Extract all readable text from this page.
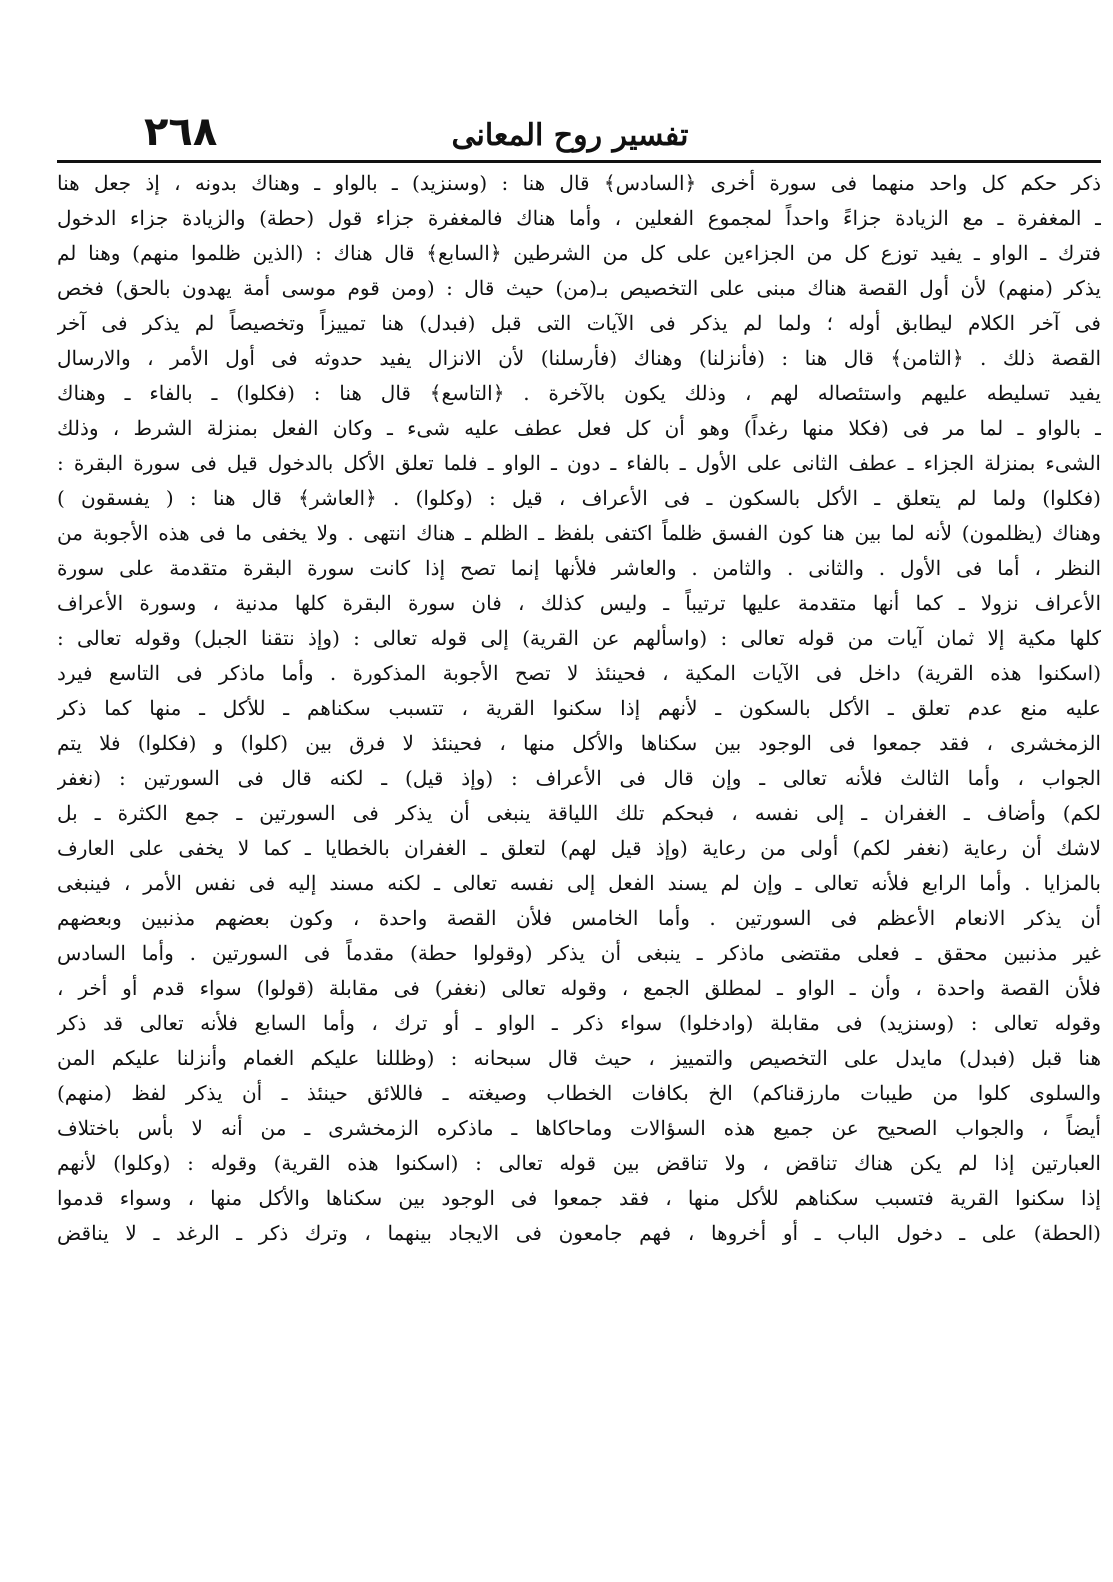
٢٦٨	تفسير روح المعانى
ذكر حكم كل واحد منهما فى سورة أخرى ﴿السادس﴾ قال هنا : (وسنزيد) ـ بالواو ـ وهناك بدونه ، إذ جعل هنا
ـ المغفرة ـ مع الزيادة جزاءً واحداً لمجموع الفعلين ، وأما هناك فالمغفرة جزاء قول (حطة) والزيادة جزاء الدخول
فترك ـ الواو ـ يفيد توزع كل من الجزاءين على كل من الشرطين ﴿السابع﴾ قال هناك : (الذين ظلموا منهم) وهنا لم
يذكر (منهم) لأن أول القصة هناك مبنى على التخصيص بـ(من) حيث قال : (ومن قوم موسى أمة يهدون بالحق) فخص
فى آخر الكلام ليطابق أوله ؛ ولما لم يذكر فى الآيات التى قبل (فبدل) هنا تمييزاً وتخصيصاً لم يذكر فى آخر
القصة ذلك . ﴿الثامن﴾ قال هنا : (فأنزلنا) وهناك (فأرسلنا) لأن الانزال يفيد حدوثه فى أول الأمر ، والارسال
يفيد تسليطه عليهم واستئصاله لهم ، وذلك يكون بالآخرة . ﴿التاسع﴾ قال هنا : (فكلوا) ـ بالفاء ـ وهناك
ـ بالواو ـ لما مر فى (فكلا منها رغداً) وهو أن كل فعل عطف عليه شىء ـ وكان الفعل بمنزلة الشرط ، وذلك
الشىء بمنزلة الجزاء ـ عطف الثانى على الأول ـ بالفاء ـ دون ـ الواو ـ فلما تعلق الأكل بالدخول قيل فى سورة البقرة :
(فكلوا) ولما لم يتعلق ـ الأكل بالسكون ـ فى الأعراف ، قيل : (وكلوا) . ﴿العاشر﴾ قال هنا : ( يفسقون )
وهناك (يظلمون) لأنه لما بين هنا كون الفسق ظلماً اكتفى بلفظ ـ الظلم ـ هناك انتهى . ولا يخفى ما فى هذه الأجوبة من
النظر ، أما فى الأول . والثانى . والثامن . والعاشر فلأنها إنما تصح إذا كانت سورة البقرة متقدمة على سورة
الأعراف نزولا ـ كما أنها متقدمة عليها ترتيباً ـ وليس كذلك ، فان سورة البقرة كلها مدنية ، وسورة الأعراف
كلها مكية إلا ثمان آيات من قوله تعالى : (واسألهم عن القرية) إلى قوله تعالى : (وإذ نتقنا الجبل) وقوله تعالى :
(اسكنوا هذه القرية) داخل فى الآيات المكية ، فحينئذ لا تصح الأجوبة المذكورة . وأما ماذكر فى التاسع فيرد
عليه منع عدم تعلق ـ الأكل بالسكون ـ لأنهم إذا سكنوا القرية ، تتسبب سكناهم ـ للأكل ـ منها كما ذكر
الزمخشرى ، فقد جمعوا فى الوجود بين سكناها والأكل منها ، فحينئذ لا فرق بين (كلوا) و (فكلوا) فلا يتم
الجواب ، وأما الثالث فلأنه تعالى ـ وإن قال فى الأعراف : (وإذ قيل) ـ لكنه قال فى السورتين : (نغفر
لكم) وأضاف ـ الغفران ـ إلى نفسه ، فبحكم تلك اللياقة ينبغى أن يذكر فى السورتين ـ جمع الكثرة ـ بل
لاشك أن رعاية (نغفر لكم) أولى من رعاية (وإذ قيل لهم) لتعلق ـ الغفران بالخطايا ـ كما لا يخفى على العارف
بالمزايا . وأما الرابع فلأنه تعالى ـ وإن لم يسند الفعل إلى نفسه تعالى ـ لكنه مسند إليه فى نفس الأمر ، فينبغى
أن يذكر الانعام الأعظم فى السورتين . وأما الخامس فلأن القصة واحدة ، وكون بعضهم مذنبين وبعضهم
غير مذنبين محقق ـ فعلى مقتضى ماذكر ـ ينبغى أن يذكر (وقولوا حطة) مقدماً فى السورتين . وأما السادس
فلأن القصة واحدة ، وأن ـ الواو ـ لمطلق الجمع ، وقوله تعالى (نغفر) فى مقابلة (قولوا) سواء قدم أو أخر ،
وقوله تعالى : (وسنزيد) فى مقابلة (وادخلوا) سواء ذكر ـ الواو ـ أو ترك ، وأما السابع فلأنه تعالى قد ذكر
هنا قبل (فبدل) مايدل على التخصيص والتمييز ، حيث قال سبحانه : (وظللنا عليكم الغمام وأنزلنا عليكم المن
والسلوى كلوا من طيبات مارزقناكم) الخ بكافات الخطاب وصيغته ـ فاللائق حينئذ ـ أن يذكر لفظ (منهم)
أيضاً ، والجواب الصحيح عن جميع هذه السؤالات وماحاكاها ـ ماذكره الزمخشرى ـ من أنه لا بأس باختلاف
العبارتين إذا لم يكن هناك تناقض ، ولا تناقض بين قوله تعالى : (اسكنوا هذه القرية) وقوله : (وكلوا) لأنهم
إذا سكنوا القرية فتسبب سكناهم للأكل منها ، فقد جمعوا فى الوجود بين سكناها والأكل منها ، وسواء قدموا
(الحطة) على ـ دخول الباب ـ أو أخروها ، فهم جامعون فى الايجاد بينهما ، وترك ذكر ـ الرغد ـ لا يناقض
